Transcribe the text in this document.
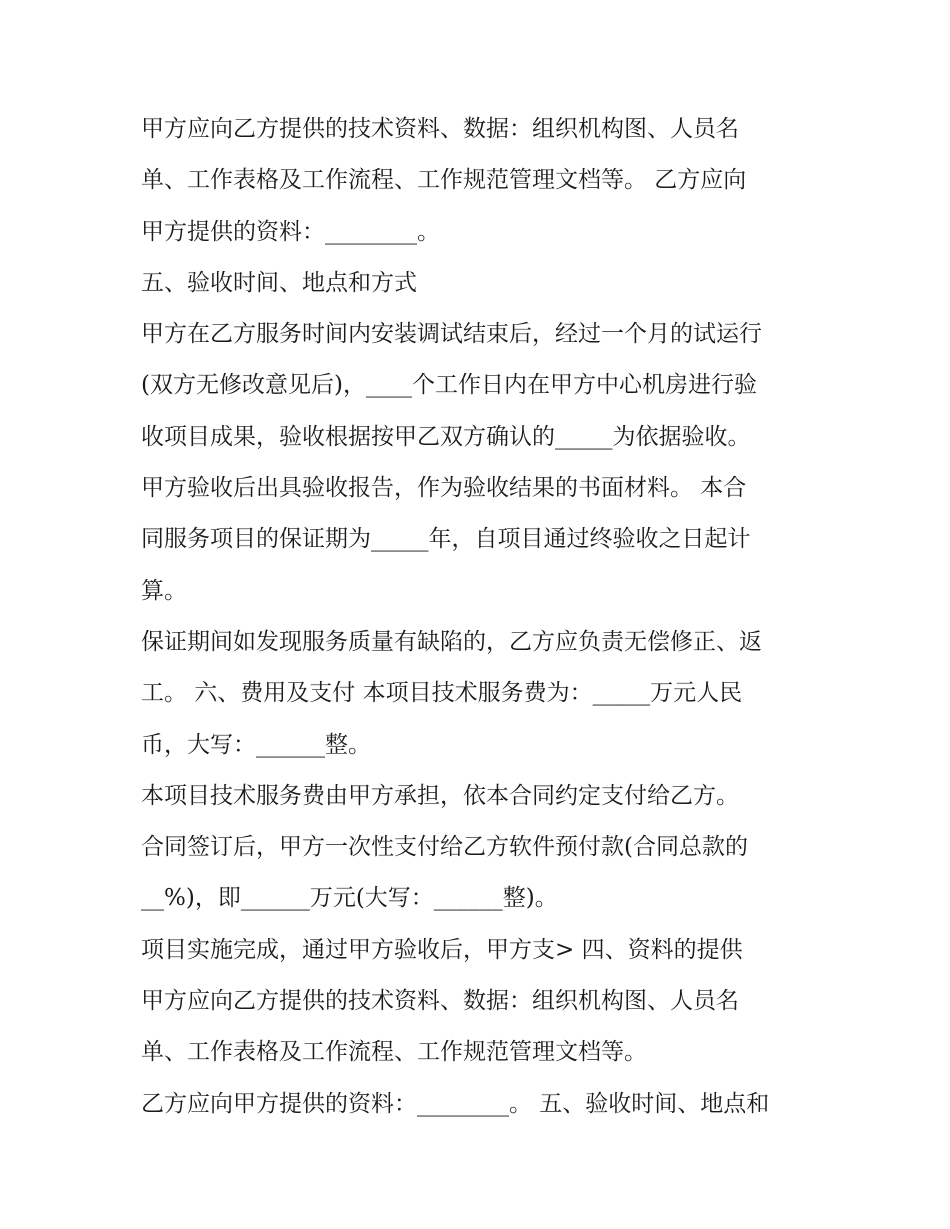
甲方应向乙方提供的技术资料、数据：组织机构图、人员名
单、工作表格及工作流程、工作规范管理文档等。 乙方应向
甲方提供的资料：________。
五、验收时间、地点和方式
甲方在乙方服务时间内安装调试结束后，经过一个月的试运行
(双方无修改意见后)，____个工作日内在甲方中心机房进行验
收项目成果，验收根据按甲乙双方确认的_____为依据验收。
甲方验收后出具验收报告，作为验收结果的书面材料。 本合
同服务项目的保证期为_____年，自项目通过终验收之日起计
算。
保证期间如发现服务质量有缺陷的，乙方应负责无偿修正、返
工。 六、费用及支付 本项目技术服务费为：_____万元人民
币，大写：______整。
本项目技术服务费由甲方承担，依本合同约定支付给乙方。
合同签订后，甲方一次性支付给乙方软件预付款(合同总款的
__%)，即______万元(大写：______整)。
项目实施完成，通过甲方验收后，甲方支> 四、资料的提供
甲方应向乙方提供的技术资料、数据：组织机构图、人员名
单、工作表格及工作流程、工作规范管理文档等。
乙方应向甲方提供的资料：________。 五、验收时间、地点和
